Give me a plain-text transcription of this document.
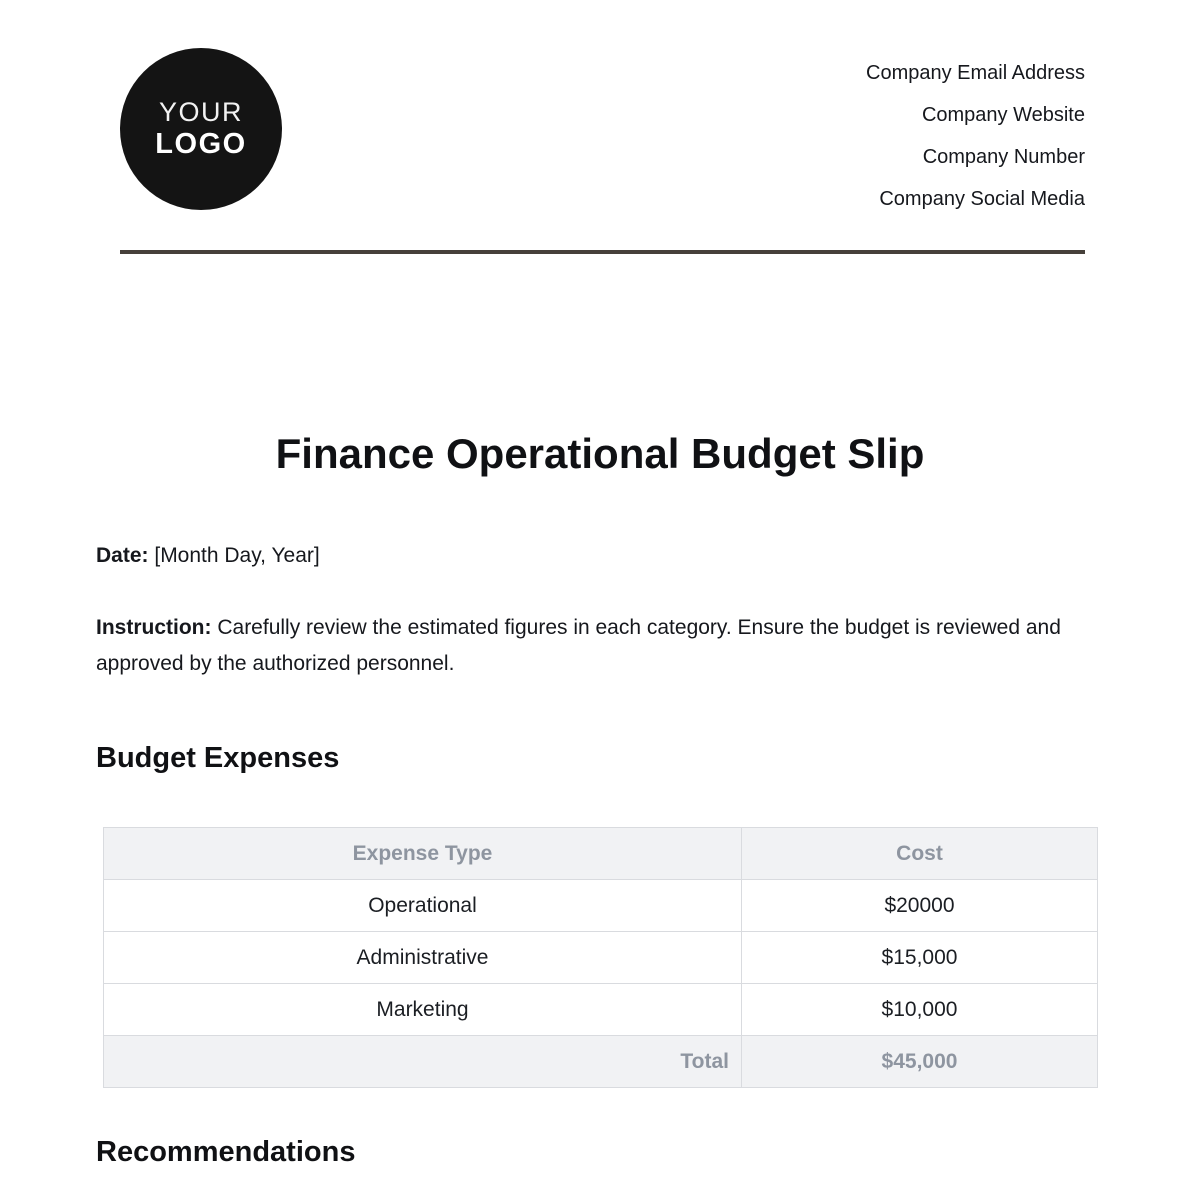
YOUR
LOGO
Company Email Address
Company Website
Company Number
Company Social Media
Finance Operational Budget Slip

Date: [Month Day, Year]

Instruction: Carefully review the estimated figures in each category. Ensure the budget is reviewed and approved by the authorized personnel.

Budget Expenses
Expense Type	Cost
Operational	$20000
Administrative	$15,000
Marketing	$10,000
Total	$45,000
Recommendations
